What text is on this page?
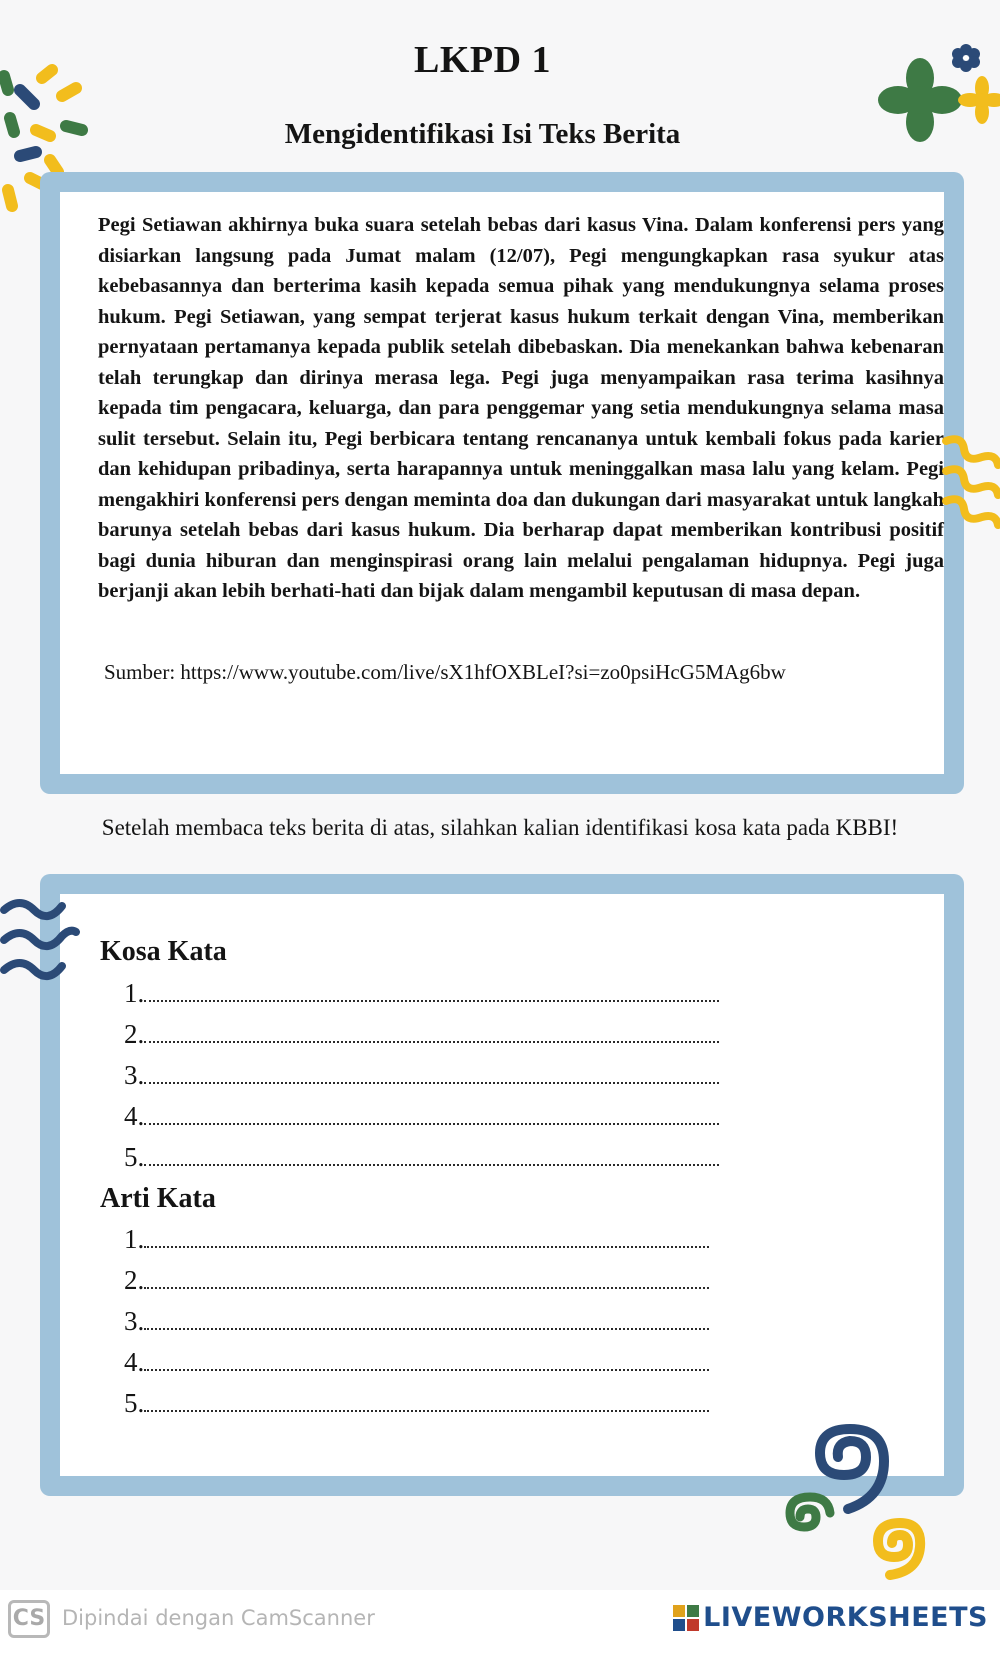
LKPD 1
Mengidentifikasi Isi Teks Berita

Pegi Setiawan akhirnya buka suara setelah bebas dari kasus Vina. Dalam konferensi pers yang disiarkan langsung pada Jumat malam (12/07), Pegi mengungkapkan rasa syukur atas kebebasannya dan berterima kasih kepada semua pihak yang mendukungnya selama proses hukum. Pegi Setiawan, yang sempat terjerat kasus hukum terkait dengan Vina, memberikan pernyataan pertamanya kepada publik setelah dibebaskan. Dia menekankan bahwa kebenaran telah terungkap dan dirinya merasa lega. Pegi juga menyampaikan rasa terima kasihnya kepada tim pengacara, keluarga, dan para penggemar yang setia mendukungnya selama masa sulit tersebut. Selain itu, Pegi berbicara tentang rencananya untuk kembali fokus pada karier dan kehidupan pribadinya, serta harapannya untuk meninggalkan masa lalu yang kelam. Pegi mengakhiri konferensi pers dengan meminta doa dan dukungan dari masyarakat untuk langkah barunya setelah bebas dari kasus hukum. Dia berharap dapat memberikan kontribusi positif bagi dunia hiburan dan menginspirasi orang lain melalui pengalaman hidupnya. Pegi juga berjanji akan lebih berhati-hati dan bijak dalam mengambil keputusan di masa depan.

Sumber: https://www.youtube.com/live/sX1hfOXBLeI?si=zo0psiHcG5MAg6bw

Setelah membaca teks berita di atas, silahkan kalian identifikasi kosa kata pada KBBI!
Kosa Kata
1.
2.
3.
4.
5.
Arti Kata
1.
2.
3.
4.
5.
CS Dipindai dengan CamScanner	LIVEWORKSHEETS
